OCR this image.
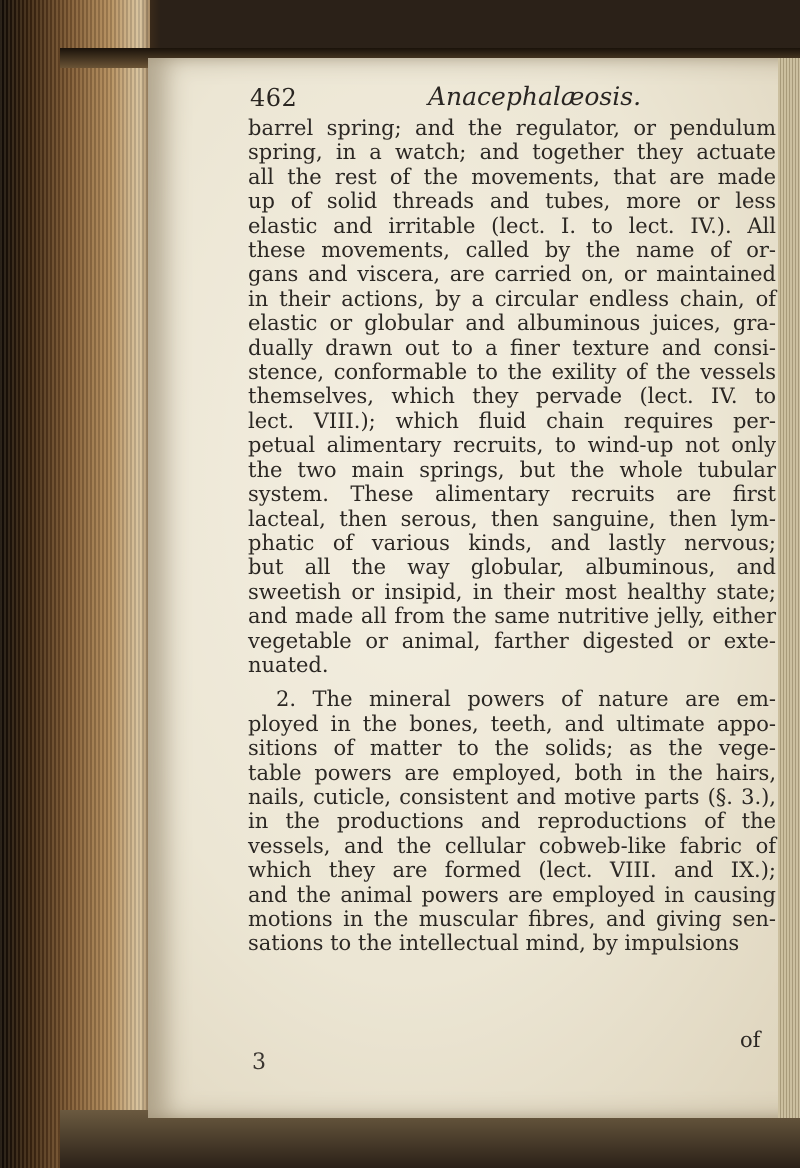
462	Anacephalæosis.

barrel spring; and the regulator, or pendulum
spring, in a watch; and together they actuate
all the rest of the movements, that are made
up of solid threads and tubes, more or less
elastic and irritable (lect. I. to lect. IV.). All
these movements, called by the name of or-
gans and viscera, are carried on, or maintained
in their actions, by a circular endless chain, of
elastic or globular and albuminous juices, gra-
dually drawn out to a finer texture and consi-
stence, conformable to the exility of the vessels
themselves, which they pervade (lect. IV. to
lect. VIII.); which fluid chain requires per-
petual alimentary recruits, to wind-up not only
the two main springs, but the whole tubular
system. These alimentary recruits are first
lacteal, then serous, then sanguine, then lym-
phatic of various kinds, and lastly nervous;
but all the way globular, albuminous, and
sweetish or insipid, in their most healthy state;
and made all from the same nutritive jelly, either
vegetable or animal, farther digested or exte-
nuated.

2. The mineral powers of nature are em-
ployed in the bones, teeth, and ultimate appo-
sitions of matter to the solids; as the vege-
table powers are employed, both in the hairs,
nails, cuticle, consistent and motive parts (§. 3.),
in the productions and reproductions of the
vessels, and the cellular cobweb-like fabric of
which they are formed (lect. VIII. and IX.);
and the animal powers are employed in causing
motions in the muscular fibres, and giving sen-
sations to the intellectual mind, by impulsions

of
3
